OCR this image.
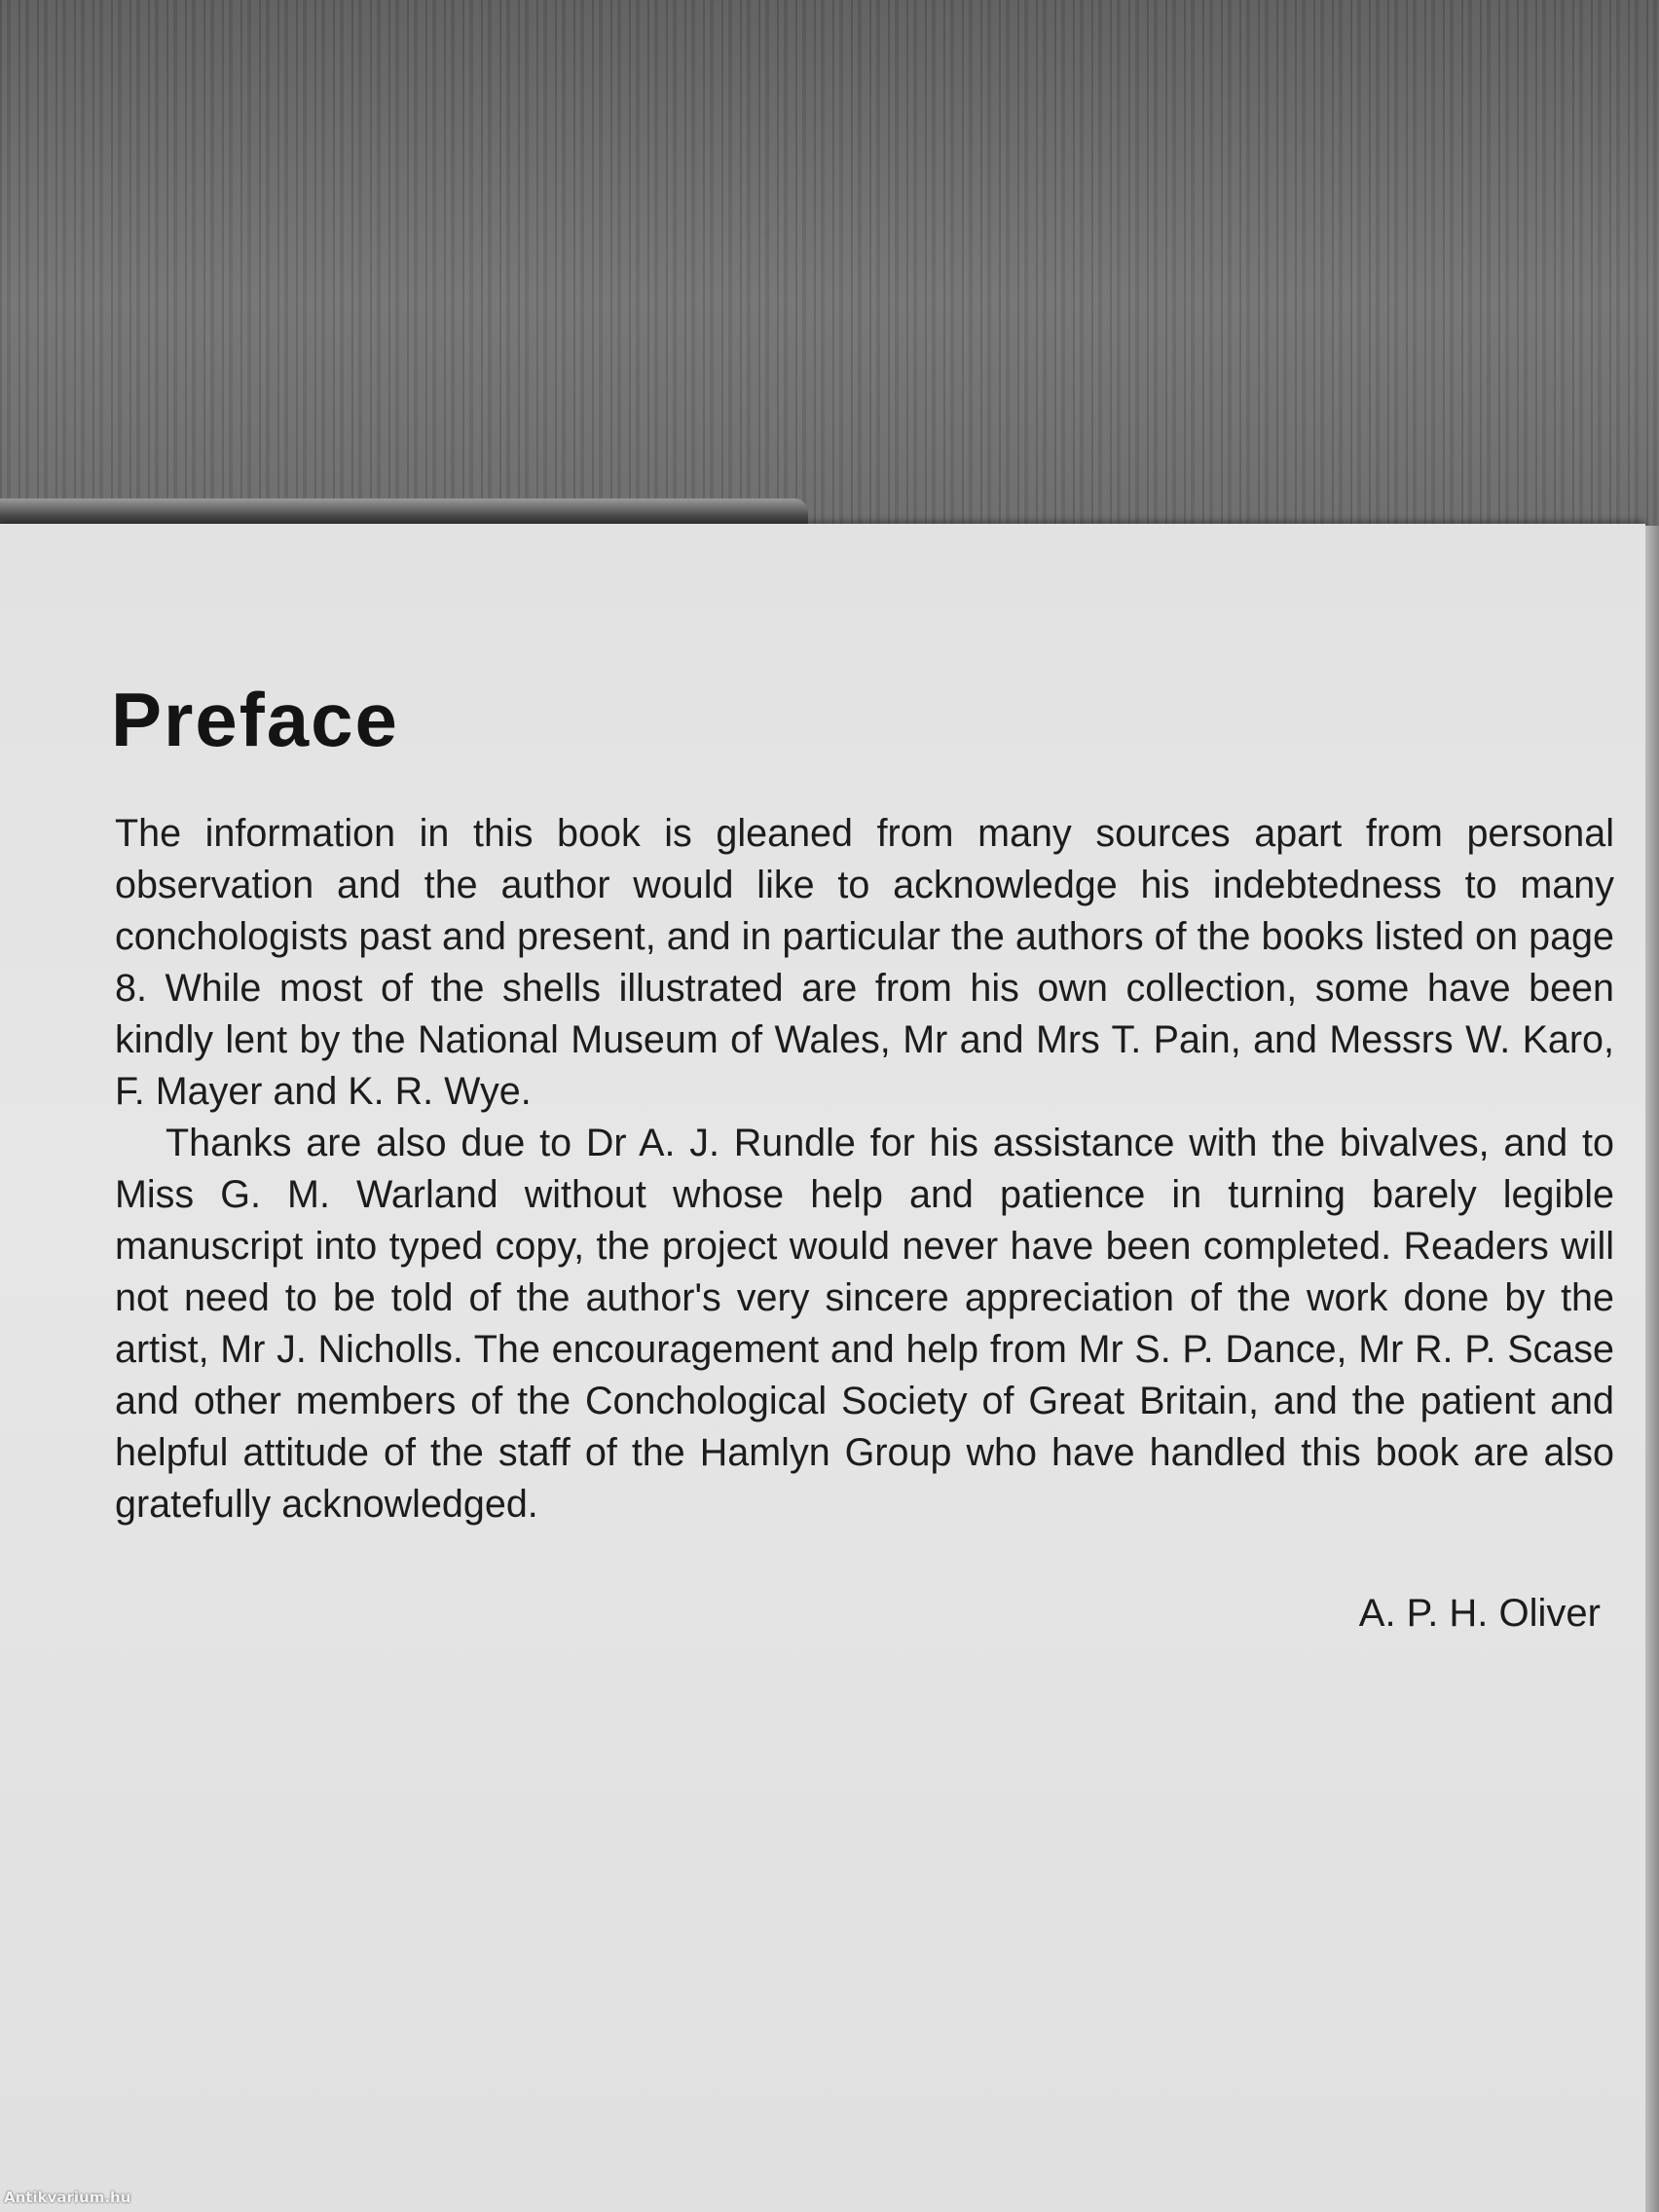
Preface

The information in this book is gleaned from many sources apart from personal observation and the author would like to acknowledge his indebtedness to many conchologists past and present, and in particular the authors of the books listed on page 8. While most of the shells illustrated are from his own collection, some have been kindly lent by the National Museum of Wales, Mr and Mrs T. Pain, and Messrs W. Karo, F. Mayer and K. R. Wye.

Thanks are also due to Dr A. J. Rundle for his assistance with the bivalves, and to Miss G. M. Warland without whose help and patience in turning barely legible manuscript into typed copy, the project would never have been completed. Readers will not need to be told of the author's very sincere appreciation of the work done by the artist, Mr J. Nicholls. The encouragement and help from Mr S. P. Dance, Mr R. P. Scase and other members of the Conchological Society of Great Britain, and the patient and helpful attitude of the staff of the Hamlyn Group who have handled this book are also gratefully acknowledged.

A. P. H. Oliver

Antikvarium.hu
